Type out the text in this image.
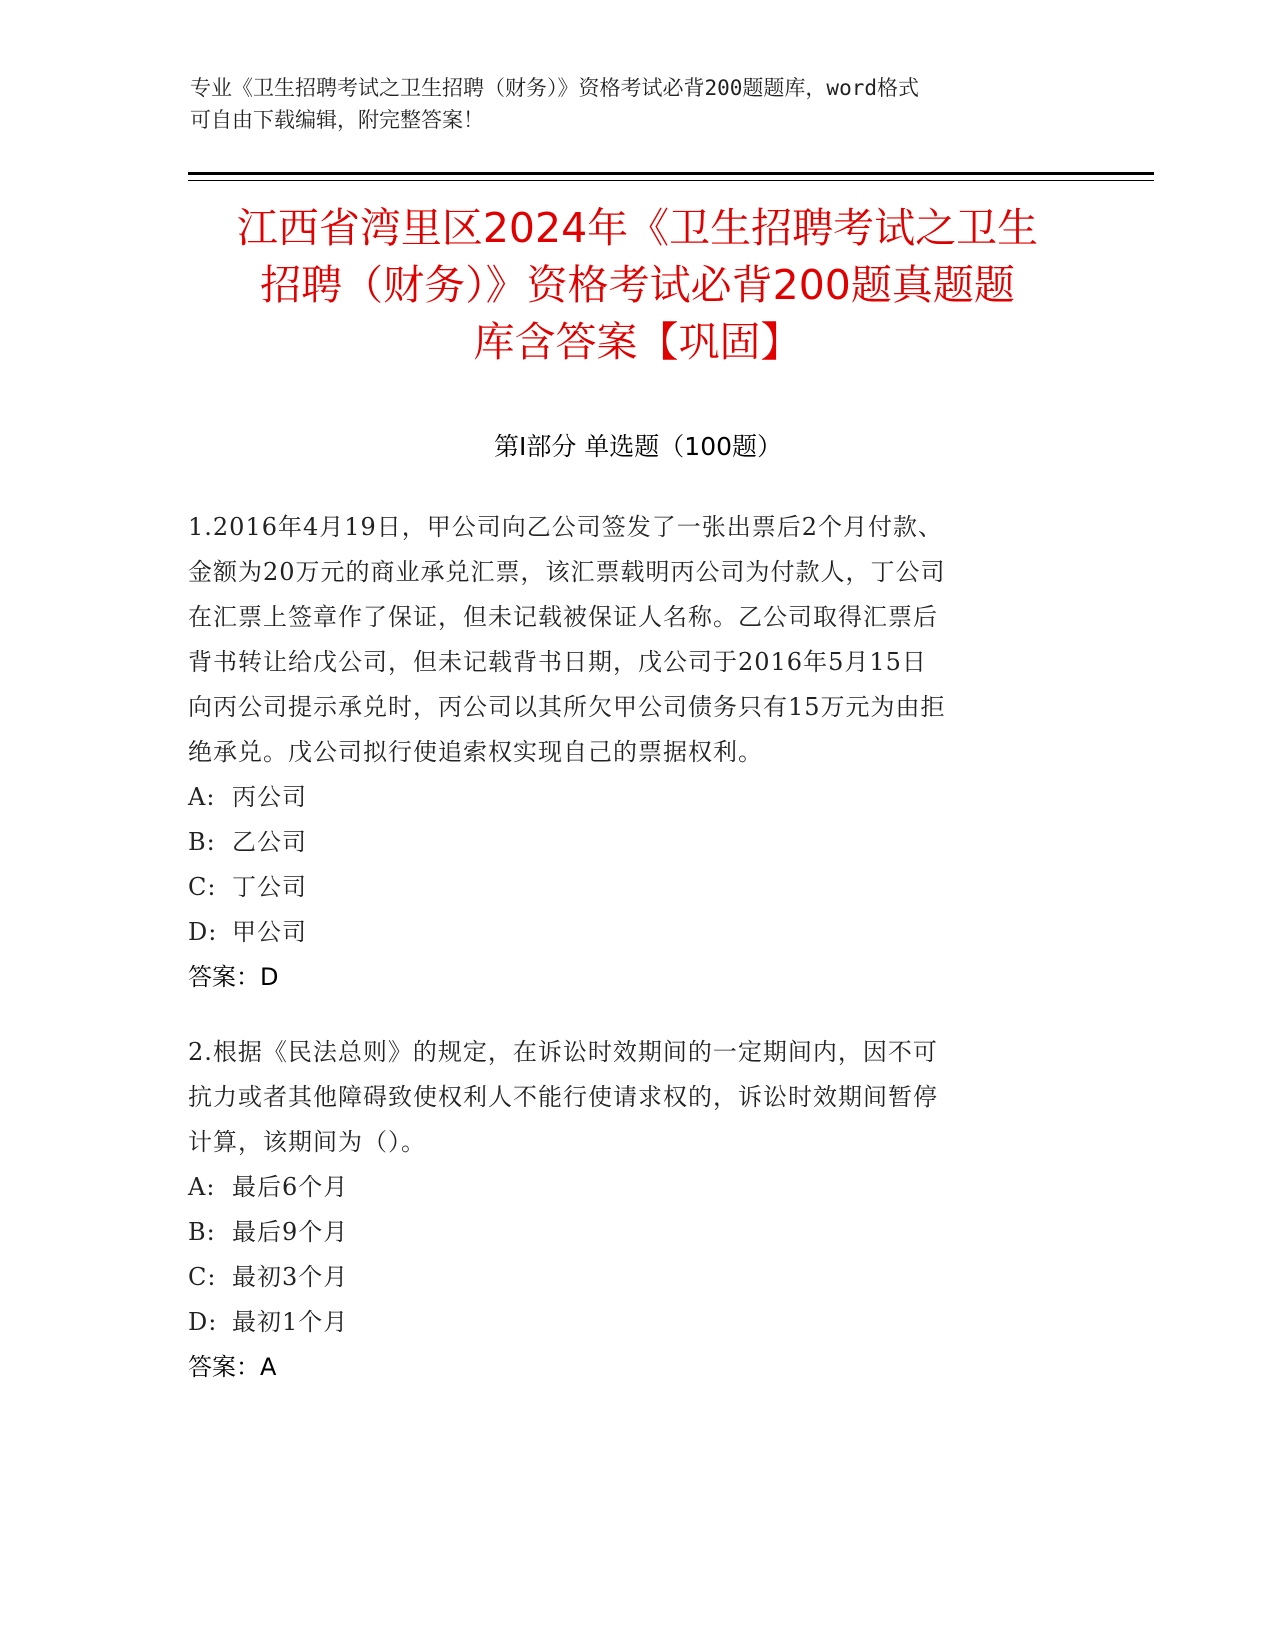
专业《卫生招聘考试之卫生招聘（财务）》资格考试必背200题题库，word格式
可自由下载编辑，附完整答案！
江西省湾里区2024年《卫生招聘考试之卫生
招聘（财务）》资格考试必背200题真题题
库含答案【巩固】
第Ⅰ部分 单选题（100题）

1.2016年4月19日，甲公司向乙公司签发了一张出票后2个月付款、
金额为20万元的商业承兑汇票，该汇票载明丙公司为付款人，丁公司
在汇票上签章作了保证，但未记载被保证人名称。乙公司取得汇票后
背书转让给戊公司，但未记载背书日期，戊公司于2016年5月15日
向丙公司提示承兑时，丙公司以其所欠甲公司债务只有15万元为由拒
绝承兑。戊公司拟行使追索权实现自己的票据权利。

A: 丙公司

B: 乙公司

C: 丁公司

D: 甲公司

答案：D

2.根据《民法总则》的规定，在诉讼时效期间的一定期间内，因不可
抗力或者其他障碍致使权利人不能行使请求权的，诉讼时效期间暂停
计算，该期间为（）。

A: 最后6个月

B: 最后9个月

C: 最初3个月

D: 最初1个月

答案：A
